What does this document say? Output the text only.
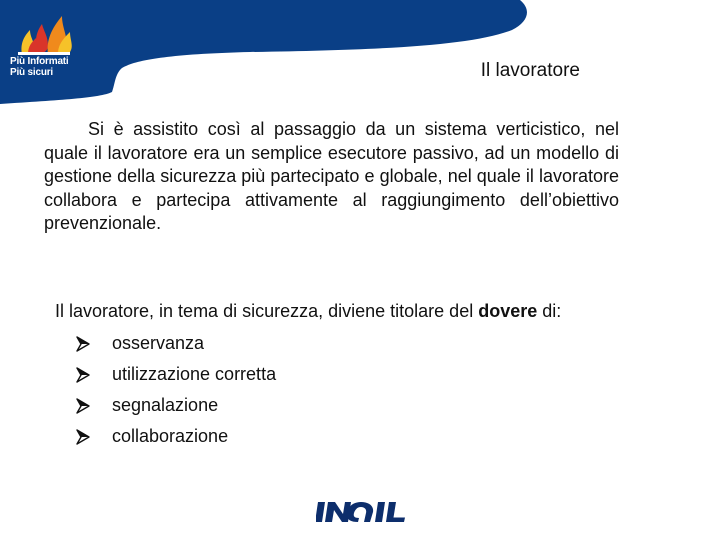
Più Informati
Più sicuri	Il lavoratore
Si è assistito così al passaggio da un sistema verticistico, nel quale il lavoratore era un semplice esecutore passivo, ad un modello di gestione della sicurezza più partecipato e globale, nel quale il lavoratore collabora e partecipa attivamente al raggiungimento dell’obiettivo prevenzionale.
Il lavoratore, in tema di sicurezza, diviene titolare del dovere di:
osservanza
utilizzazione corretta
segnalazione
collaborazione
